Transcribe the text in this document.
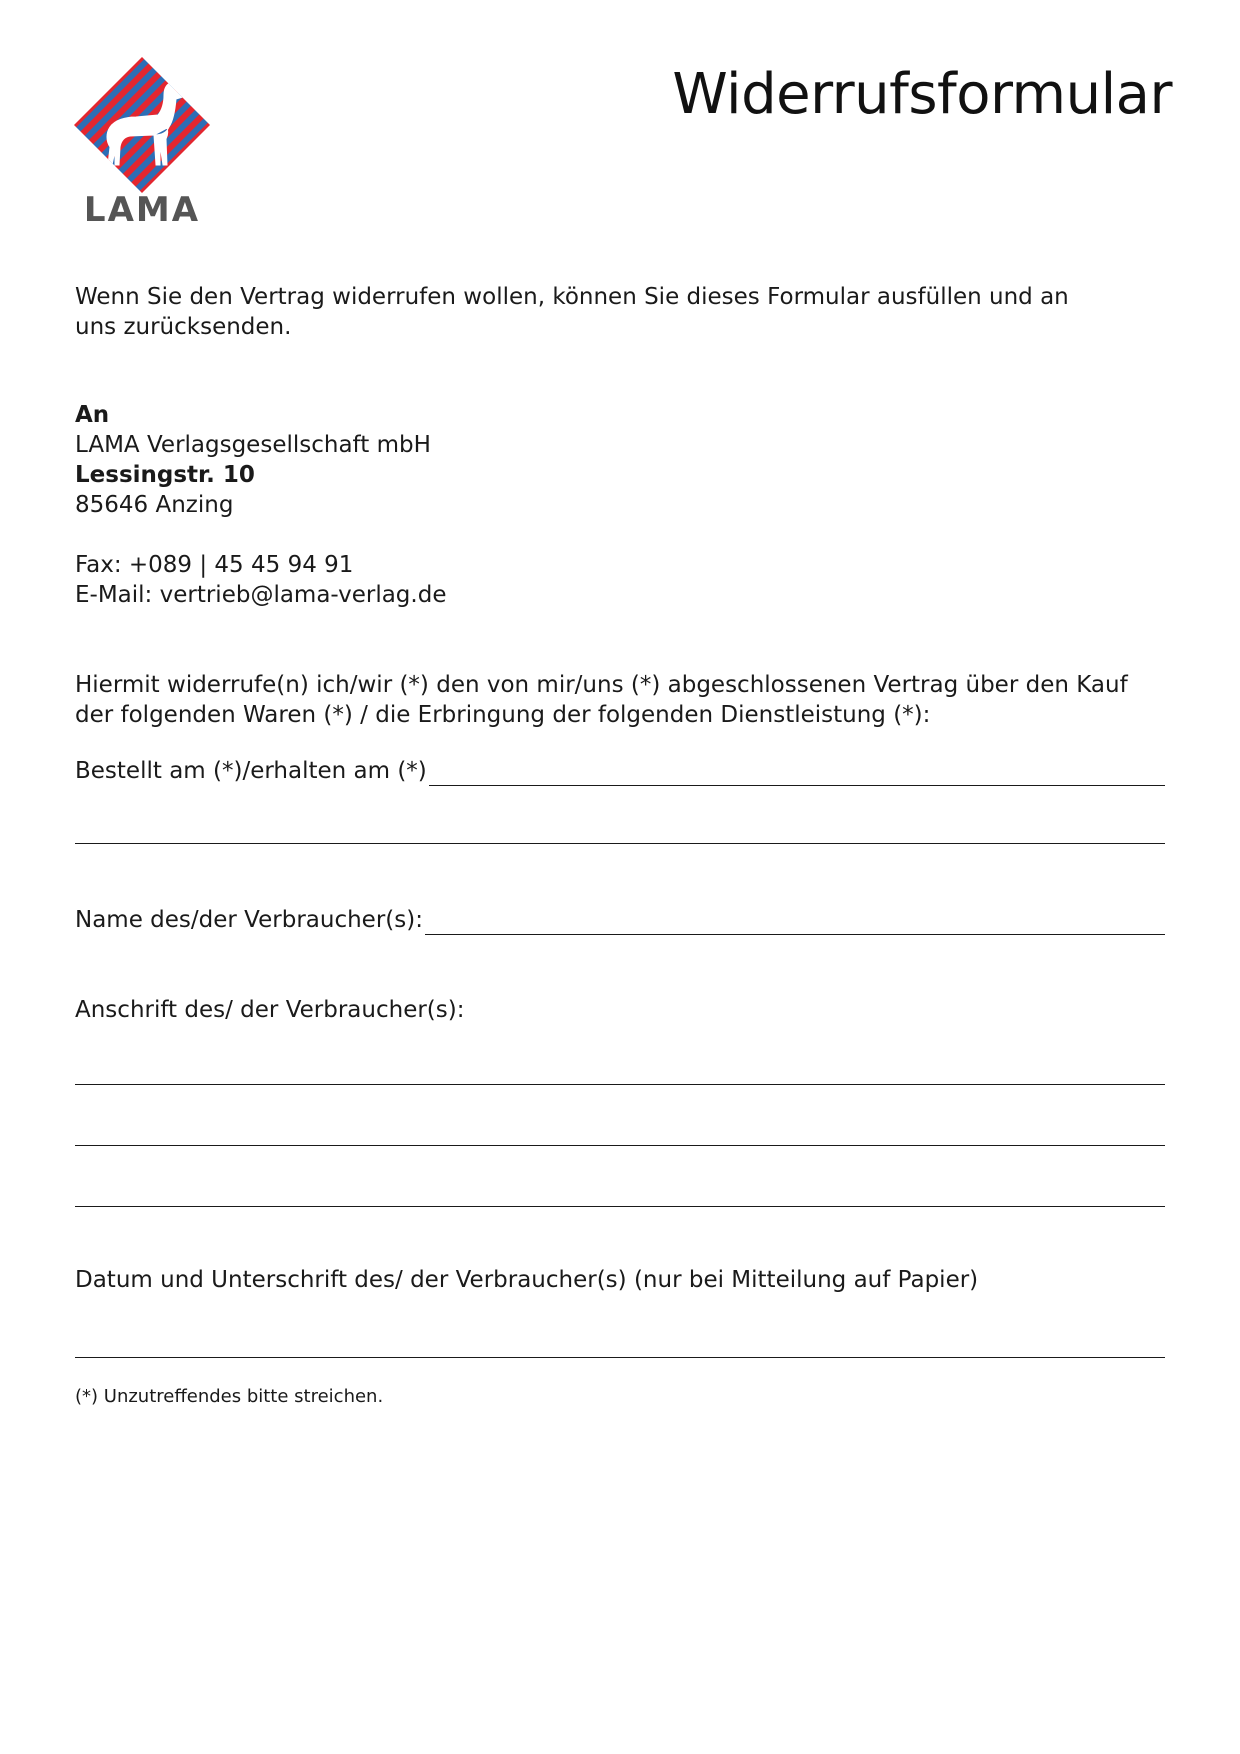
LAMA
Widerrufsformular

Wenn Sie den Vertrag widerrufen wollen, können Sie dieses Formular ausfüllen und an uns zurücksenden.

An
LAMA Verlagsgesellschaft mbH
Lessingstr. 10
85646 Anzing
Fax: +089 | 45 45 94 91
E-Mail: vertrieb@lama-verlag.de

Hiermit widerrufe(n) ich/wir (*) den von mir/uns (*) abgeschlossenen Vertrag über den Kauf der folgenden Waren (*) / die Erbringung der folgenden Dienstleistung (*):

Bestellt am (*)/erhalten am (*)
Name des/der Verbraucher(s):
Anschrift des/ der Verbraucher(s):
Datum und Unterschrift des/ der Verbraucher(s) (nur bei Mitteilung auf Papier)

(*) Unzutreffendes bitte streichen.
